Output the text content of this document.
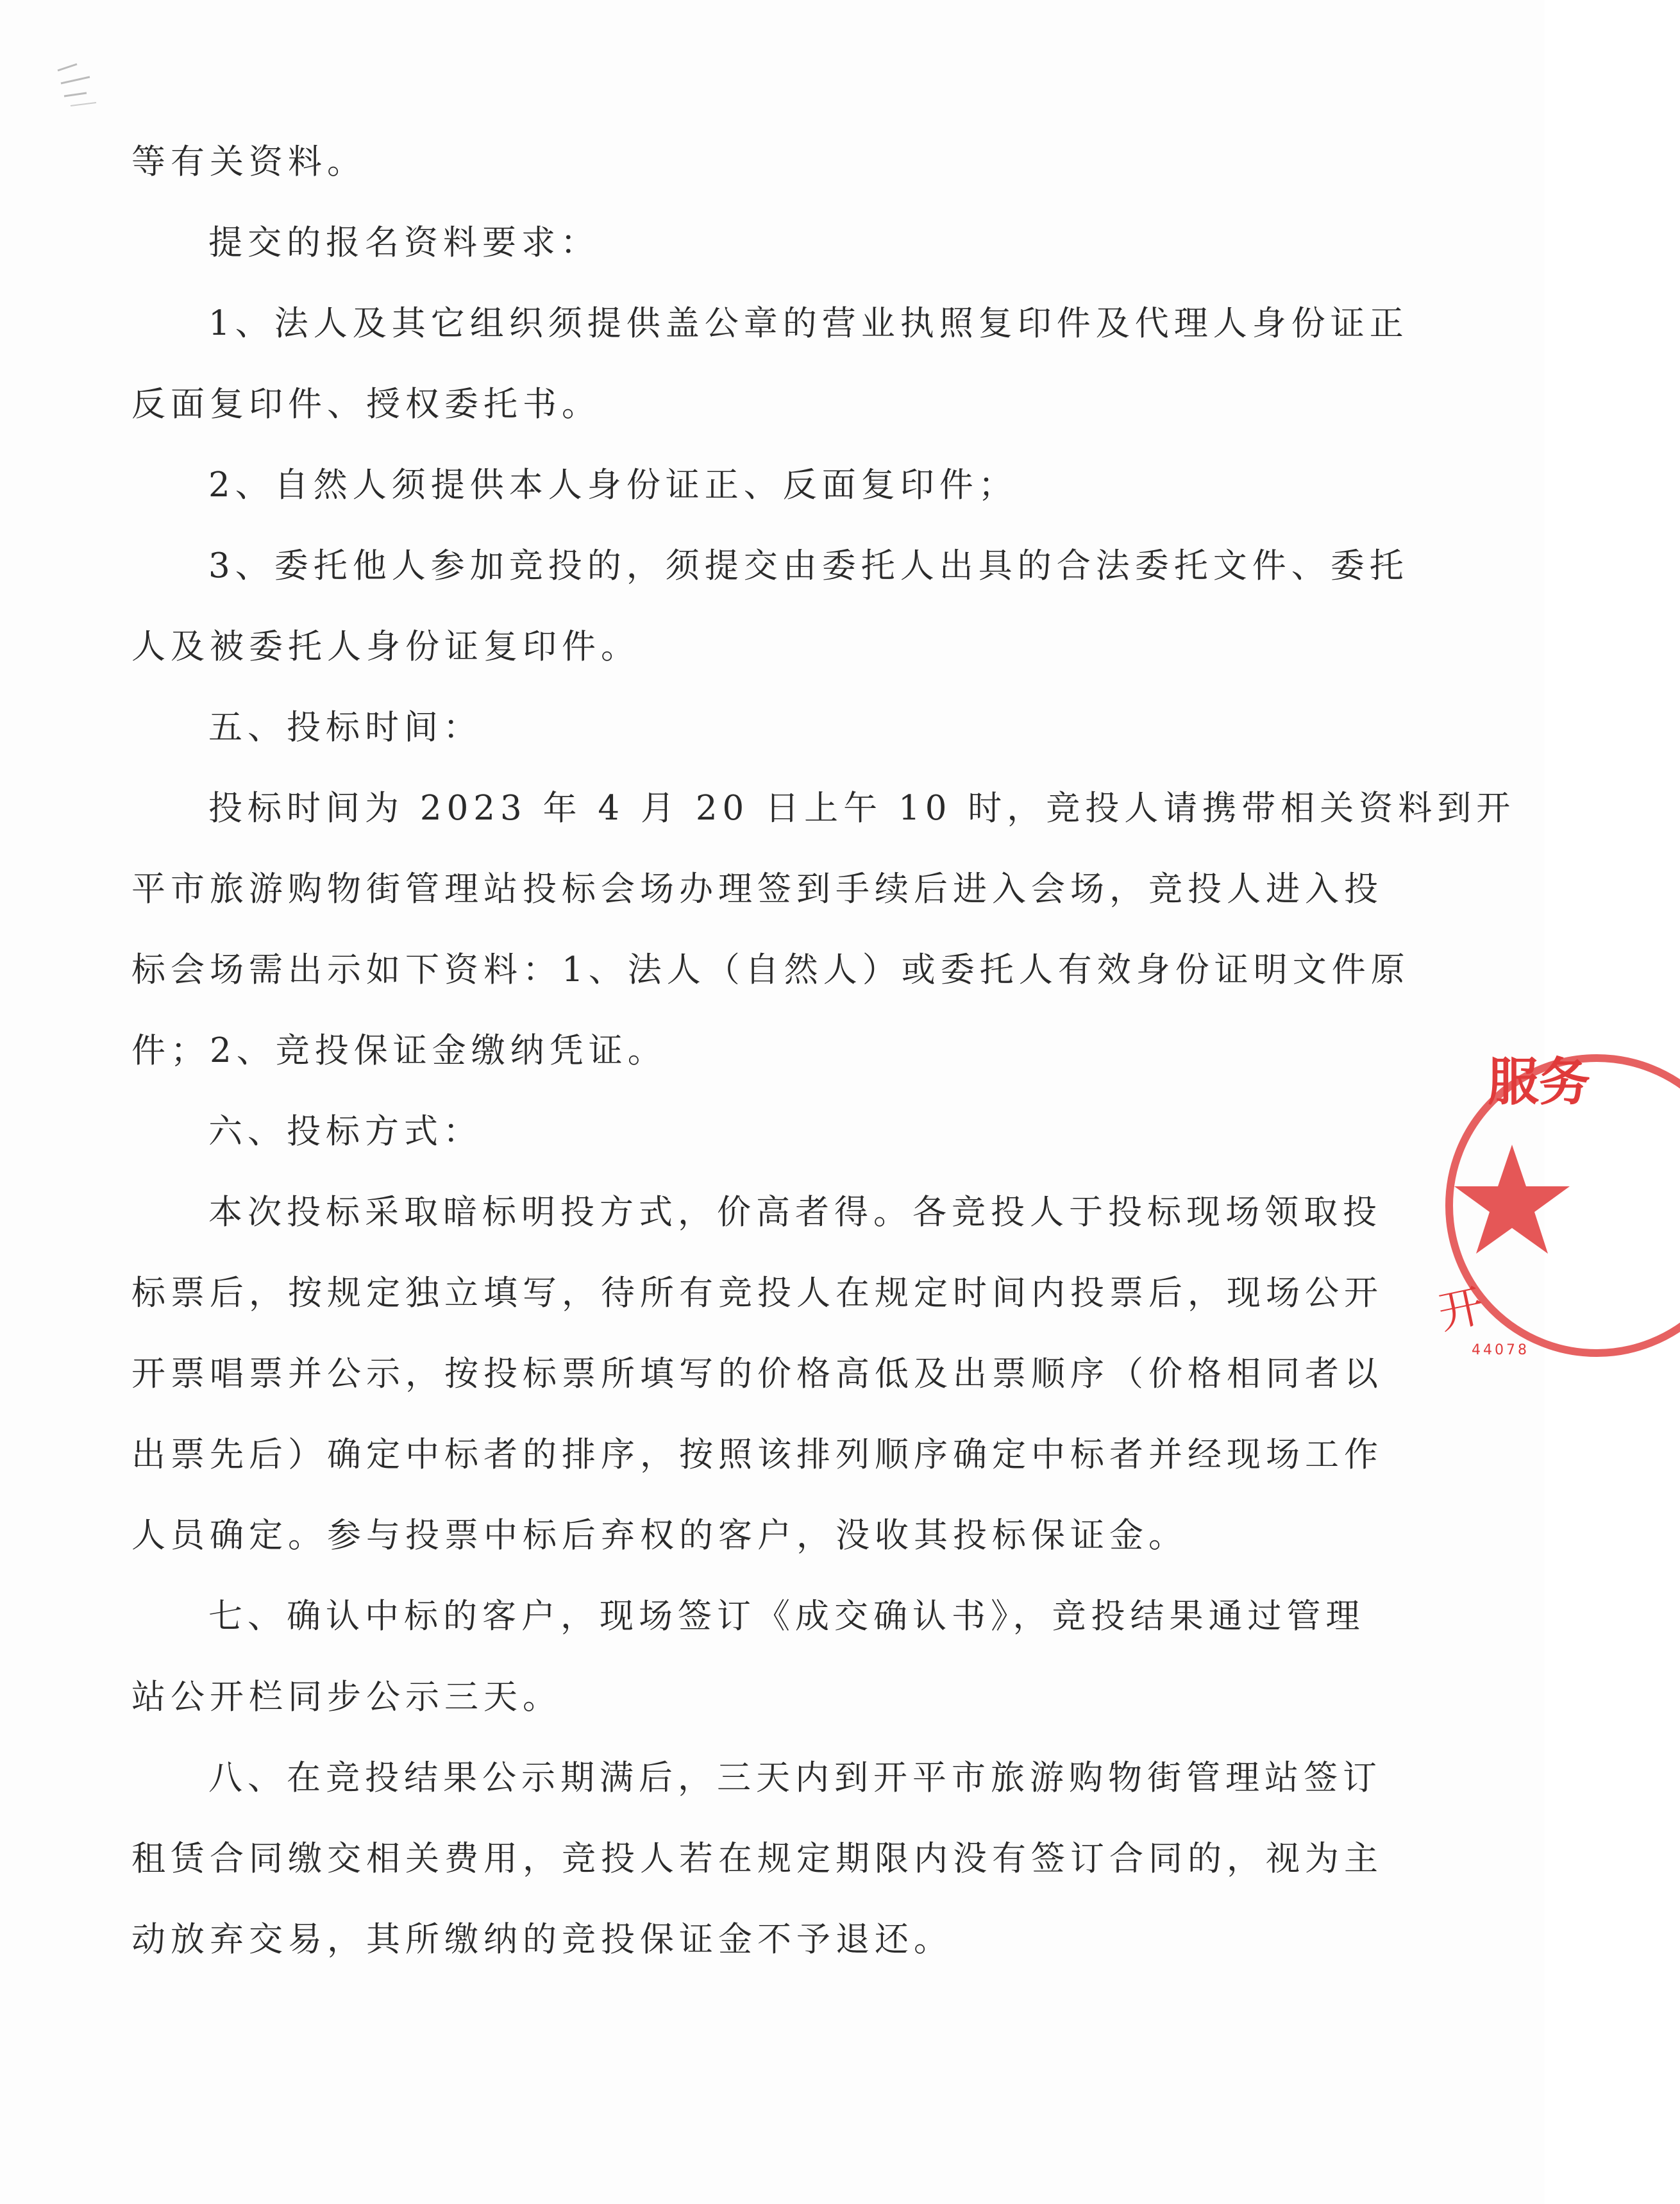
等有关资料。
提交的报名资料要求：
1、法人及其它组织须提供盖公章的营业执照复印件及代理人身份证正
反面复印件、授权委托书。
2、自然人须提供本人身份证正、反面复印件；
3、委托他人参加竞投的，须提交由委托人出具的合法委托文件、委托
人及被委托人身份证复印件。
五、投标时间：
投标时间为 2023 年 4 月 20 日上午 10 时，竞投人请携带相关资料到开
平市旅游购物街管理站投标会场办理签到手续后进入会场，竞投人进入投
标会场需出示如下资料：1、法人（自然人）或委托人有效身份证明文件原
件；2、竞投保证金缴纳凭证。
六、投标方式：
本次投标采取暗标明投方式，价高者得。各竞投人于投标现场领取投
标票后，按规定独立填写，待所有竞投人在规定时间内投票后，现场公开
开票唱票并公示，按投标票所填写的价格高低及出票顺序（价格相同者以
出票先后）确定中标者的排序，按照该排列顺序确定中标者并经现场工作
人员确定。参与投票中标后弃权的客户，没收其投标保证金。
七、确认中标的客户，现场签订《成交确认书》，竞投结果通过管理
站公开栏同步公示三天。
八、在竞投结果公示期满后，三天内到开平市旅游购物街管理站签订
租赁合同缴交相关费用，竞投人若在规定期限内没有签订合同的，视为主
动放弃交易，其所缴纳的竞投保证金不予退还。
服务
开
44078
